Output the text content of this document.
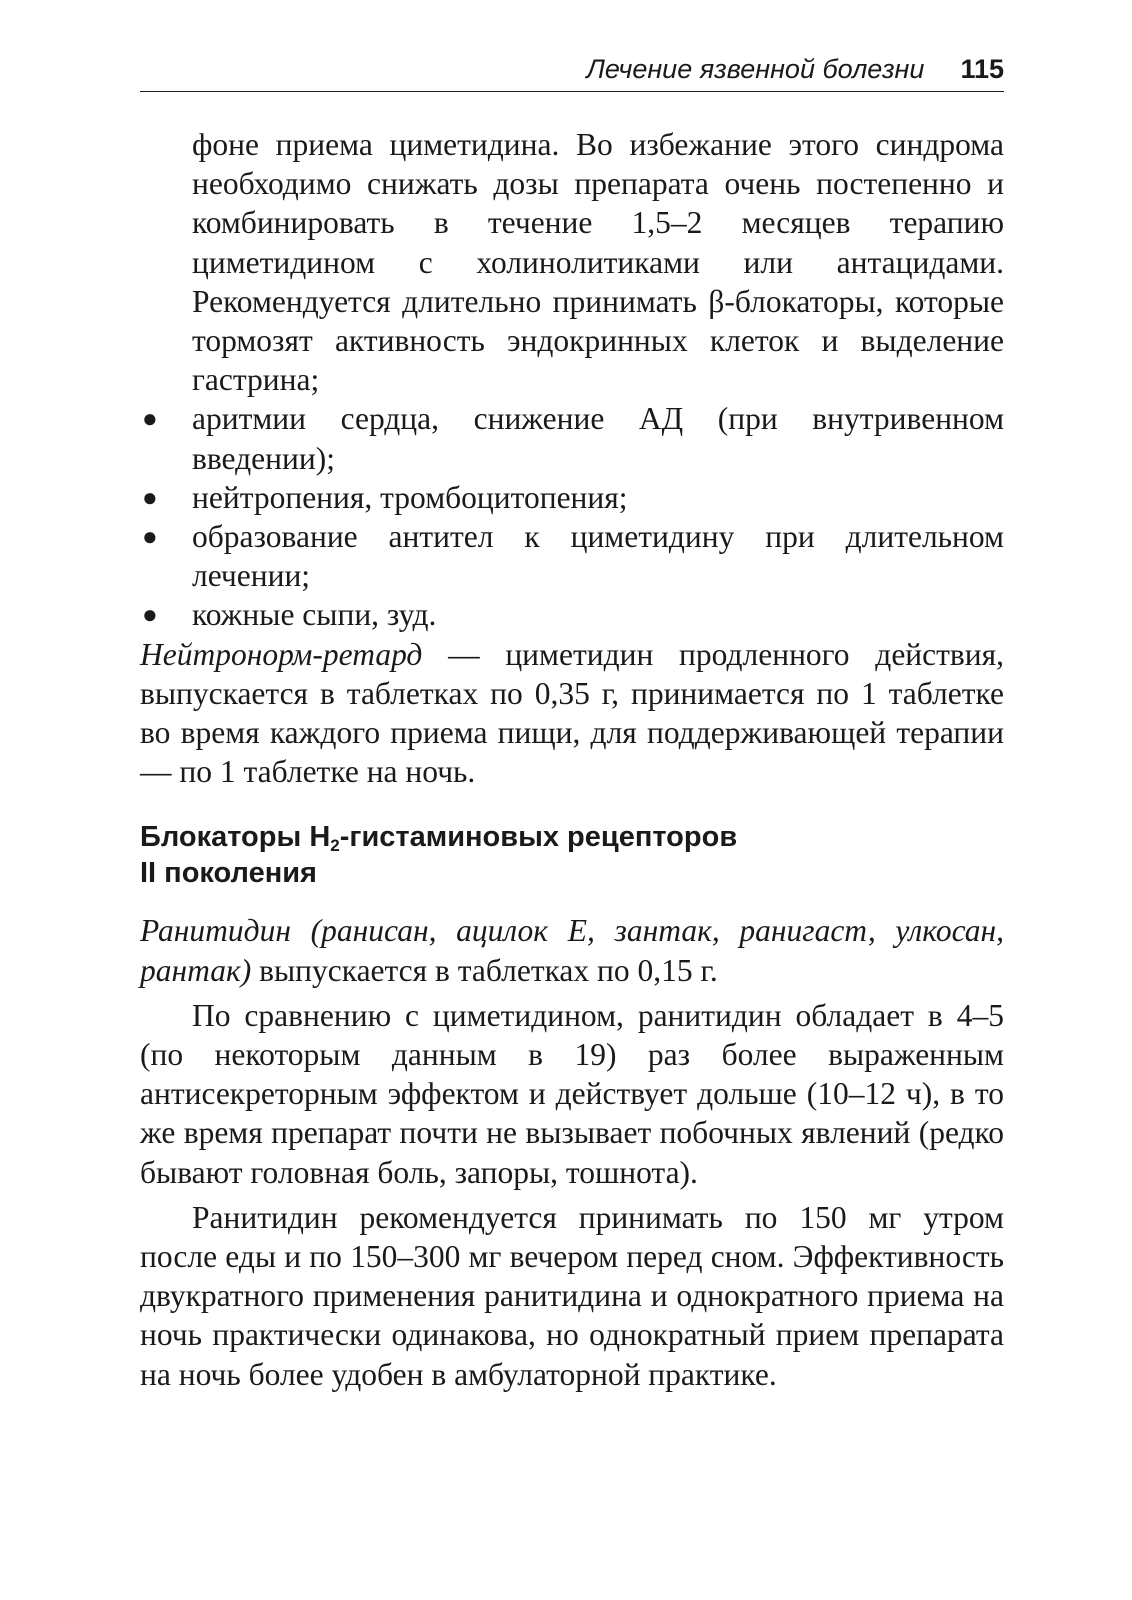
Лечение язвенной болезни 115

фоне приема циметидина. Во избежание этого синдрома необходимо снижать дозы препарата очень постепенно и комбинировать в течение 1,5–2 месяцев терапию циметидином с холинолитиками или антацидами. Рекомендуется длительно принимать β-блокаторы, которые тормозят активность эндокринных клеток и выделение гастрина;

● аритмии сердца, снижение АД (при внутривенном введении);
● нейтропения, тромбоцитопения;
● образование антител к циметидину при длительном лечении;
● кожные сыпи, зуд.

Нейтронорм-ретард — циметидин продленного действия, выпускается в таблетках по 0,35 г, принимается по 1 таблетке во время каждого приема пищи, для поддерживающей терапии — по 1 таблетке на ночь.

Блокаторы $Н_2$-гистаминовых рецепторов
II поколения

Ранитидин (ранисан, ацилок Е, зантак, ранигаст, улкосан, рантак) выпускается в таблетках по 0,15 г.

По сравнению с циметидином, ранитидин обладает в 4–5 (по некоторым данным в 19) раз более выраженным антисекреторным эффектом и действует дольше (10–12 ч), в то же время препарат почти не вызывает побочных явлений (редко бывают головная боль, запоры, тошнота).

Ранитидин рекомендуется принимать по 150 мг утром после еды и по 150–300 мг вечером перед сном. Эффективность двукратного применения ранитидина и однократного приема на ночь практически одинакова, но однократный прием препарата на ночь более удобен в амбулаторной практике.
